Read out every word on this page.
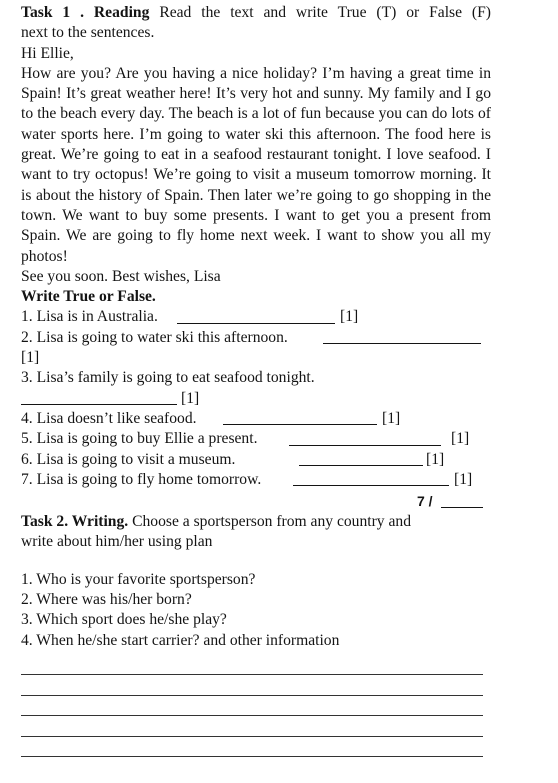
Task 1 . Reading Read the text and write True (T) or False (F)

next to the sentences.

Hi Ellie,

How are you? Are you having a nice holiday? I’m having a great time in Spain! It’s great weather here! It’s very hot and sunny. My family and I go to the beach every day. The beach is a lot of fun because you can do lots of water sports here. I’m going to water ski this afternoon. The food here is great. We’re going to eat in a seafood restaurant tonight. I love seafood. I want to try octopus! We’re going to visit a museum tomorrow morning. It is about the history of Spain. Then later we’re going to go shopping in the town. We want to buy some presents. I want to get you a present from Spain. We are going to fly home next week. I want to show you all my photos!

See you soon. Best wishes, Lisa

Write True or False.

1. Lisa is in Australia.	[1]
2. Lisa is going to water ski this afternoon.
[1]
3. Lisa’s family is going to eat seafood tonight.
[1]
4. Lisa doesn’t like seafood.	[1]
5. Lisa is going to buy Ellie a present.	[1]
6. Lisa is going to visit a museum.	[1]
7. Lisa is going to fly home tomorrow.	[1]
7 /

Task 2. Writing. Choose a sportsperson from any country and

write about him/her using plan

1. Who is your favorite sportsperson?

2. Where was his/her born?

3. Which sport does he/she play?

4. When he/she start carrier? and other information
